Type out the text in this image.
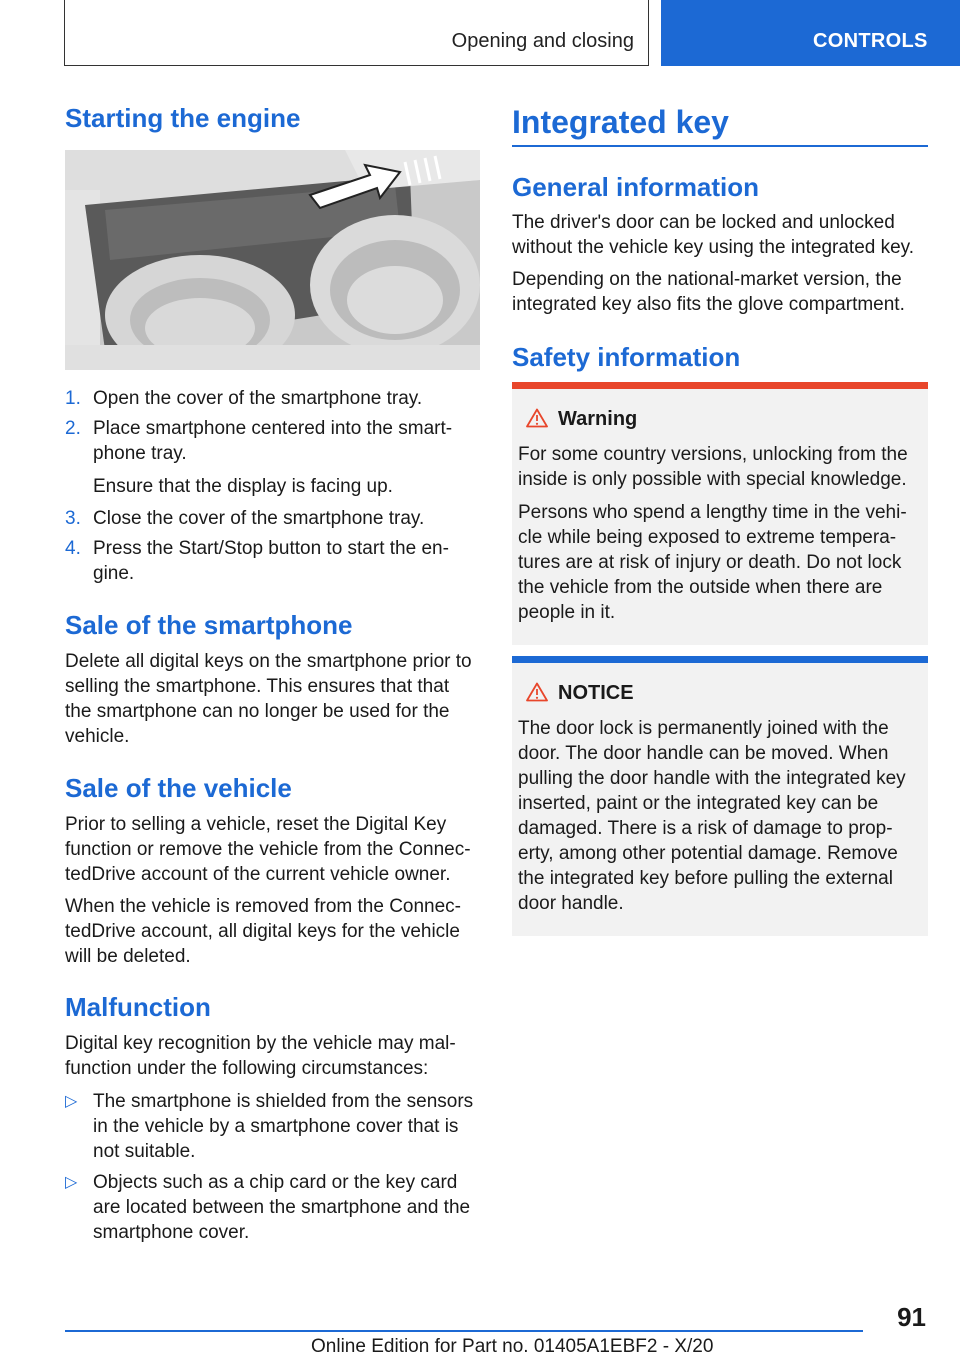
Opening and closing	CONTROLS
Starting the engine
1. Open the cover of the smartphone tray.
2. Place smartphone centered into the smart‐ phone tray.
Ensure that the display is facing up.
3. Close the cover of the smartphone tray.
4. Press the Start/Stop button to start the en‐ gine.
Sale of the smartphone

Delete all digital keys on the smartphone prior to selling the smartphone. This ensures that that the smartphone can no longer be used for the vehicle.

Sale of the vehicle

Prior to selling a vehicle, reset the Digital Key function or remove the vehicle from the Connec‐ tedDrive account of the current vehicle owner.

When the vehicle is removed from the Connec‐ tedDrive account, all digital keys for the vehicle will be deleted.

Malfunction

Digital key recognition by the vehicle may mal‐ function under the following circumstances:

▷ The smartphone is shielded from the sensors in the vehicle by a smartphone cover that is not suitable.
▷ Objects such as a chip card or the key card are located between the smartphone and the smartphone cover.
Integrated key
General information

The driver's door can be locked and unlocked without the vehicle key using the integrated key.

Depending on the national-market version, the integrated key also fits the glove compartment.

Safety information
Warning

For some country versions, unlocking from the inside is only possible with special knowledge.

Persons who spend a lengthy time in the vehi‐ cle while being exposed to extreme tempera‐ tures are at risk of injury or death. Do not lock the vehicle from the outside when there are people in it.

NOTICE

The door lock is permanently joined with the door. The door handle can be moved. When pulling the door handle with the integrated key inserted, paint or the integrated key can be damaged. There is a risk of damage to prop‐ erty, among other potential damage. Remove the integrated key before pulling the external door handle.

91
Online Edition for Part no. 01405A1EBF2 - X/20
